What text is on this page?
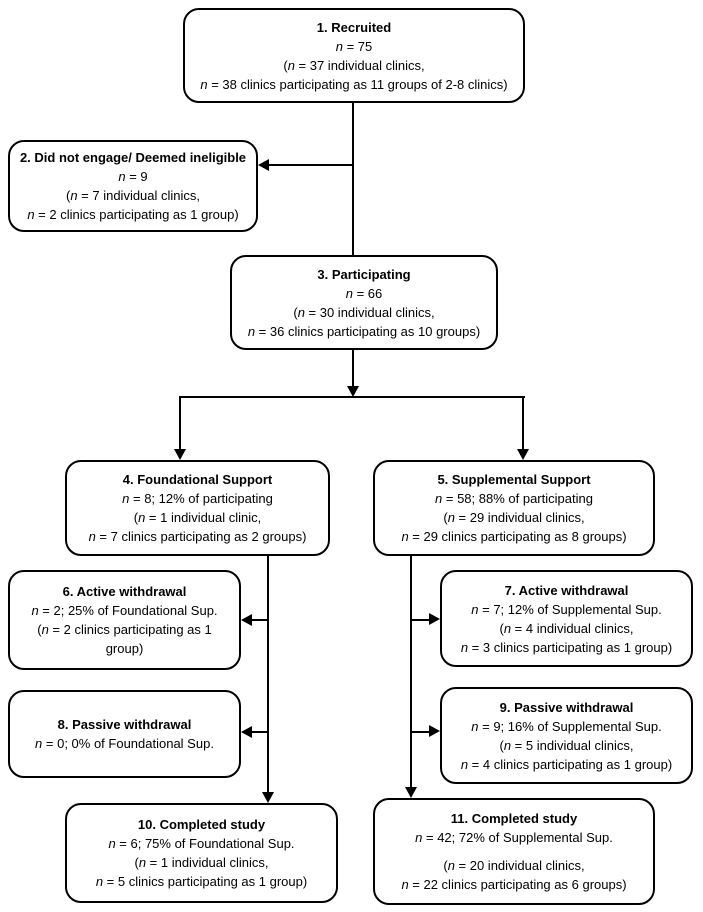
1. Recruited
n = 75
(n = 37 individual clinics,
n = 38 clinics participating as 11 groups of 2-8 clinics)
2. Did not engage/ Deemed ineligible
n = 9
(n = 7 individual clinics,
n = 2 clinics participating as 1 group)
3. Participating
n = 66
(n = 30 individual clinics,
n = 36 clinics participating as 10 groups)
4. Foundational Support
n = 8; 12% of participating
(n = 1 individual clinic,
n = 7 clinics participating as 2 groups)
5. Supplemental Support
n = 58; 88% of participating
(n = 29 individual clinics,
n = 29 clinics participating as 8 groups)
6. Active withdrawal
n = 2; 25% of Foundational Sup.
(n = 2 clinics participating as 1
group)
7. Active withdrawal
n = 7; 12% of Supplemental Sup.
(n = 4 individual clinics,
n = 3 clinics participating as 1 group)
8. Passive withdrawal
n = 0; 0% of Foundational Sup.
9. Passive withdrawal
n = 9; 16% of Supplemental Sup.
(n = 5 individual clinics,
n = 4 clinics participating as 1 group)
10. Completed study
n = 6; 75% of Foundational Sup.
(n = 1 individual clinics,
n = 5 clinics participating as 1 group)
11. Completed study
n = 42; 72% of Supplemental Sup.
(n = 20 individual clinics,
n = 22 clinics participating as 6 groups)
